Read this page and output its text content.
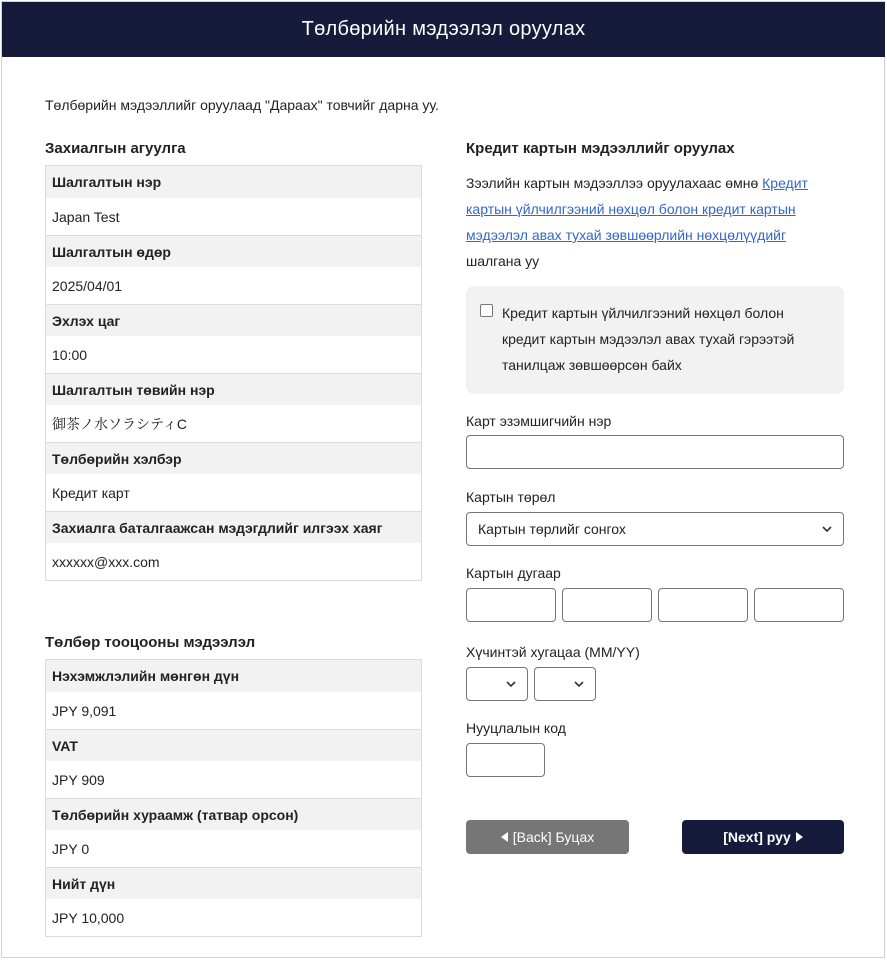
Төлбөрийн мэдээлэл оруулах
Төлбөрийн мэдээллийг оруулаад "Дараах" товчийг дарна уу.
Захиалгын агуулга
Шалгалтын нэр
Japan Test
Шалгалтын өдөр
2025/04/01
Эхлэх цаг
10:00
Шалгалтын төвийн нэр
御茶ノ水ソラシティC
Төлбөрийн хэлбэр
Кредит карт
Захиалга баталгаажсан мэдэгдлийг илгээх хаяг
xxxxxx@xxx.com
Төлбөр тооцооны мэдээлэл
Нэхэмжлэлийн мөнгөн дүн
JPY 9,091
VAT
JPY 909
Төлбөрийн хураамж (татвар орсон)
JPY 0
Нийт дүн
JPY 10,000
Кредит картын мэдээллийг оруулах
Зээлийн картын мэдээллээ оруулахаас өмнө Кредит картын үйлчилгээний нөхцөл болон кредит картын мэдээлэл авах тухай зөвшөөрлийн нөхцөлүүдийг шалгана уу
Кредит картын үйлчилгээний нөхцөл болон кредит картын мэдээлэл авах тухай гэрээтэй танилцаж зөвшөөрсөн байх
Карт эзэмшигчийн нэр
Картын төрөл
Картын төрлийг сонгох
Картын дугаар
Хүчинтэй хугацаа (MM/YY)
Нууцлалын код
[Back] Буцах	[Next] руу
